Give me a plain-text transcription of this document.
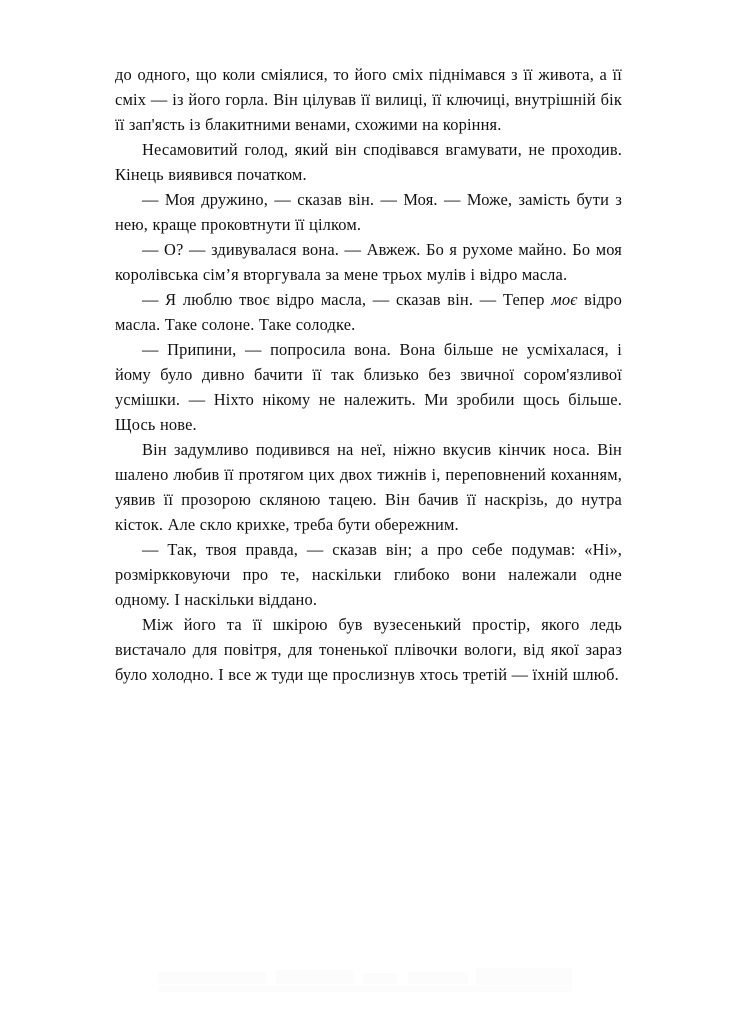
до одного, що коли сміялися, то його сміх піднімався з її живота, а її сміх — із його горла. Він цілував її вилиці, її ключиці, внутрішній бік її зап'ясть із блакитними венами, схожими на коріння.

Несамовитий голод, який він сподівався вгамувати, не проходив. Кінець виявився початком.

— Моя дружино, — сказав він. — Моя. — Може, замість бути з нею, краще проковтнути її цілком.

— О? — здивувалася вона. — Авжеж. Бо я рухоме майно. Бо моя королівська сім’я вторгувала за мене трьох мулів і відро масла.

— Я люблю твоє відро масла, — сказав він. — Тепер моє відро масла. Таке солоне. Таке солодке.

— Припини, — попросила вона. Вона більше не усміхалася, і йому було дивно бачити її так близько без звичної сором'язливої усмішки. — Ніхто нікому не належить. Ми зробили щось більше. Щось нове.

Він задумливо подивився на неї, ніжно вкусив кінчик носа. Він шалено любив її протягом цих двох тижнів і, переповнений коханням, уявив її прозорою скляною тацею. Він бачив її наскрізь, до нутра кісток. Але скло крихке, треба бути обережним.

— Так, твоя правда, — сказав він; а про себе подумав: «Ні», розміркковуючи про те, наскільки глибоко вони належали одне одному. І наскільки віддано.

Між його та її шкірою був вузесенький простір, якого ледь вистачало для повітря, для тоненької плівочки вологи, від якої зараз було холодно. І все ж туди ще прослизнув хтось третій — їхній шлюб.
